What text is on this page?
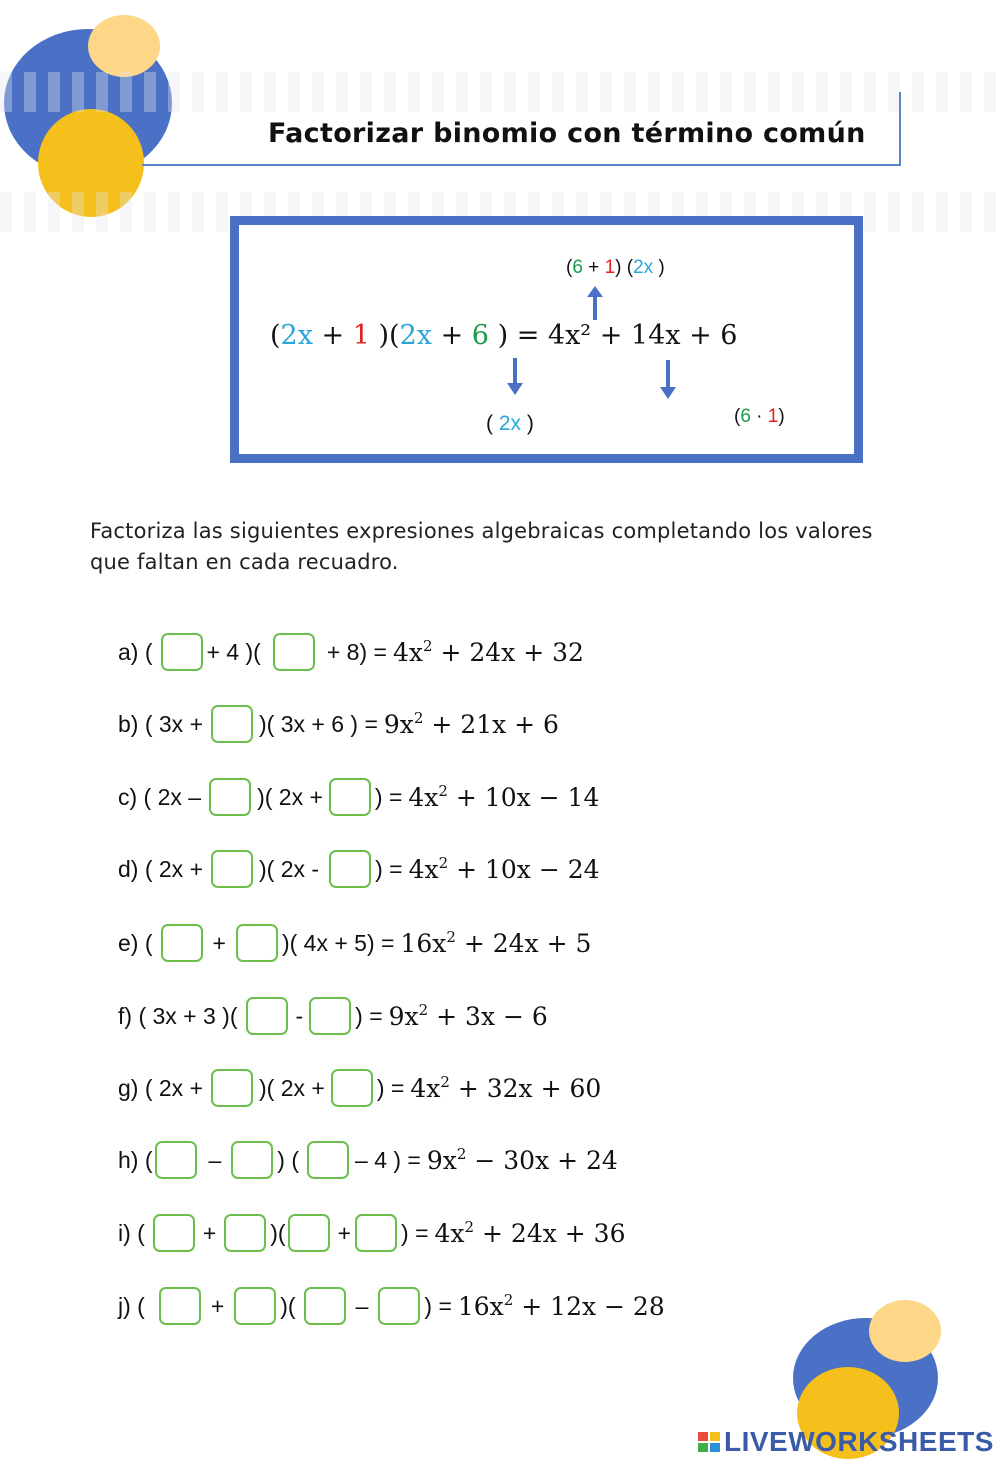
Factorizar binomio con término común
(6 + 1) (2x )
(2x + 1 )(2x + 6 ) = 4x² + 14x + 6
( 2x )	(6 · 1)
Factoriza las siguientes expresiones algebraicas completando los valores que faltan en cada recuadro.
a) ( + 4 )(	+ $8) = 4x^2 + 24x + 32$
b) ( 3x + )( 3x + 6 ) = $9x^2 + 21x + 6$
c) ( 2x – )( 2x + ) = $4x^2 + 10x - 14$
d) ( 2x + )( 2x - ) = $4x^2 + 10x - 24$
e) (	+ )( $4x + 5) = 16x^2 + 24x + 5$
f) ( 3x + 3 )(	- ) = $9x^2 + 3x - 6$
g) ( 2x + )( 2x + ) = $4x^2 + 32x + 60$
h) ( – ) ( – 4 ) = $9x^2 - 30x + 24$
i) (	+ )( + ) = $4x^2 + 24x + 36$
j) (	+ )(	– ) = $16x^2 + 12x - 28$
LIVEWORKSHEETS
